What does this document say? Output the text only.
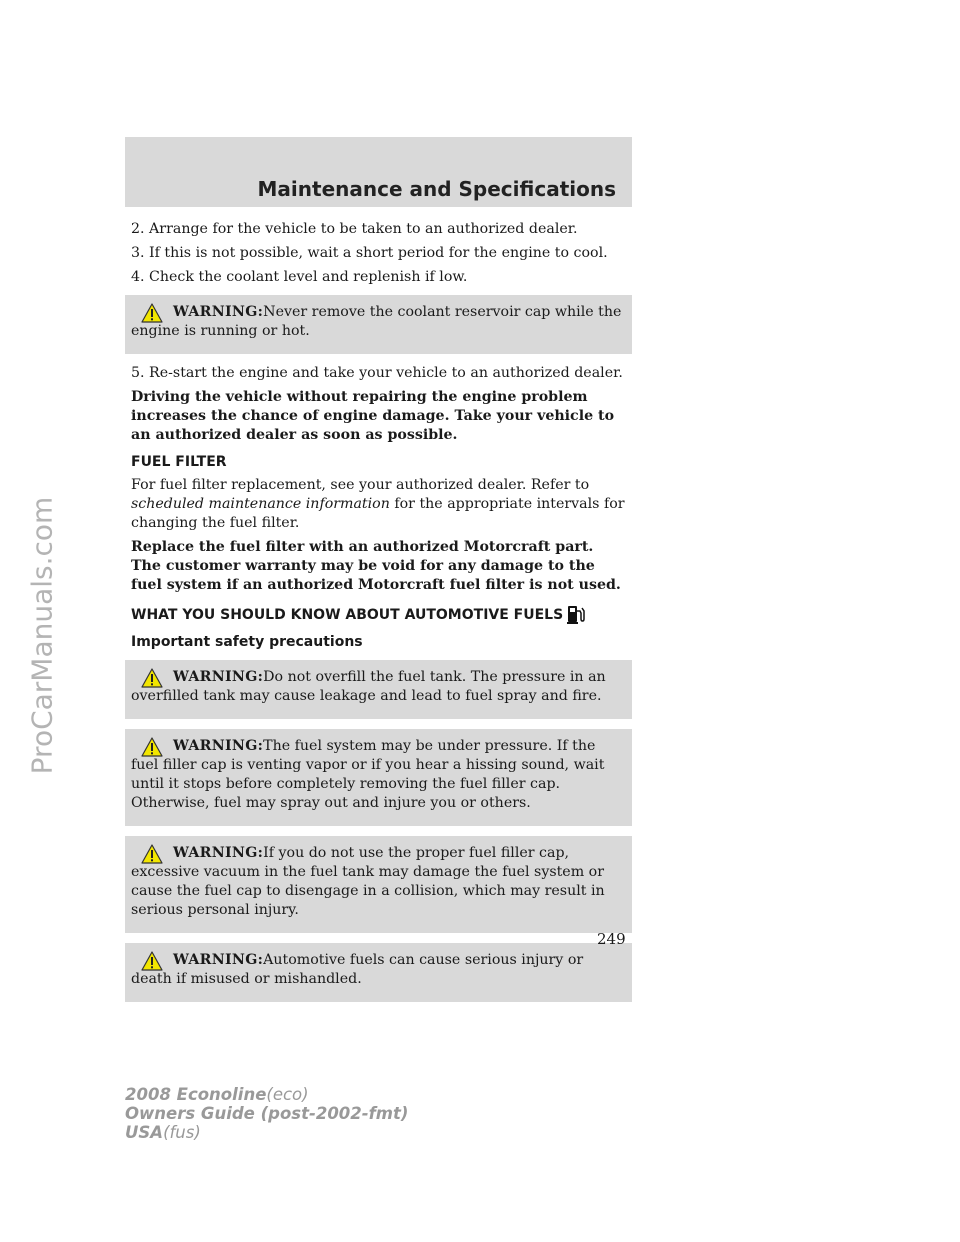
ProCarManuals.com
Maintenance and Specifications

2. Arrange for the vehicle to be taken to an authorized dealer.

3. If this is not possible, wait a short period for the engine to cool.

4. Check the coolant level and replenish if low.

WARNING:Never remove the coolant reservoir cap while the engine is running or hot.

5. Re-start the engine and take your vehicle to an authorized dealer.

Driving the vehicle without repairing the engine problem increases the chance of engine damage. Take your vehicle to an authorized dealer as soon as possible.

FUEL FILTER

For fuel filter replacement, see your authorized dealer. Refer to scheduled maintenance information for the appropriate intervals for changing the fuel filter.

Replace the fuel filter with an authorized Motorcraft part. The customer warranty may be void for any damage to the fuel system if an authorized Motorcraft fuel filter is not used.

WHAT YOU SHOULD KNOW ABOUT AUTOMOTIVE FUELS
Important safety precautions

WARNING:Do not overfill the fuel tank. The pressure in an overfilled tank may cause leakage and lead to fuel spray and fire.

WARNING:The fuel system may be under pressure. If the fuel filler cap is venting vapor or if you hear a hissing sound, wait until it stops before completely removing the fuel filler cap. Otherwise, fuel may spray out and injure you or others.

WARNING:If you do not use the proper fuel filler cap, excessive vacuum in the fuel tank may damage the fuel system or cause the fuel cap to disengage in a collision, which may result in serious personal injury.

WARNING:Automotive fuels can cause serious injury or death if misused or mishandled.

249
2008 Econoline(eco)
Owners Guide (post-2002-fmt)
USA(fus)
